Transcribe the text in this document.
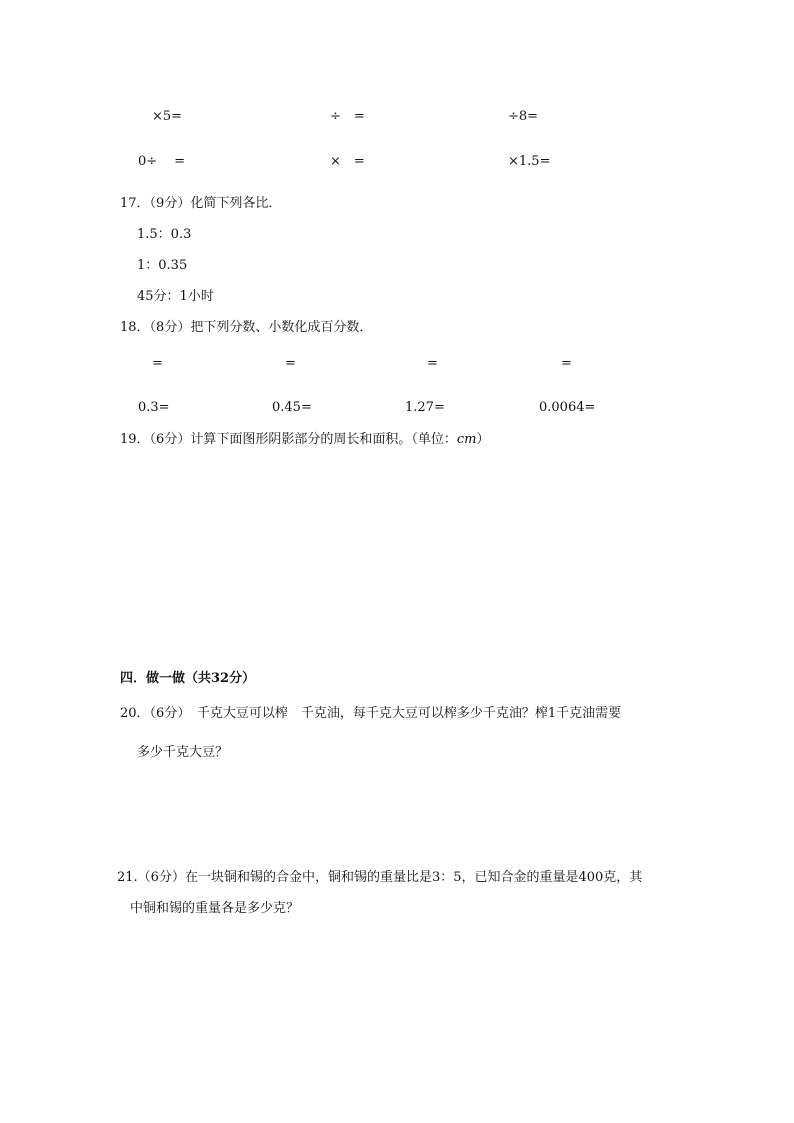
×5=	÷　=	÷8=
0÷　 =	×　=	×1.5=
17．（9分）化简下列各比．
1.5：0.3
1：0.35
45分：1小时
18．（8分）把下列分数、小数化成百分数．
=	=	=	=
0.3=	0.45=	1.27=	0.0064=
19．（6分）计算下面图形阴影部分的周长和面积。（单位：cm）
四．做一做（共32分）
20．（6分）　千克大豆可以榨　千克油，每千克大豆可以榨多少千克油？榨1千克油需要
多少千克大豆？
21.（6分）在一块铜和锡的合金中，铜和锡的重量比是3：5，已知合金的重量是400克，其
中铜和锡的重量各是多少克？
